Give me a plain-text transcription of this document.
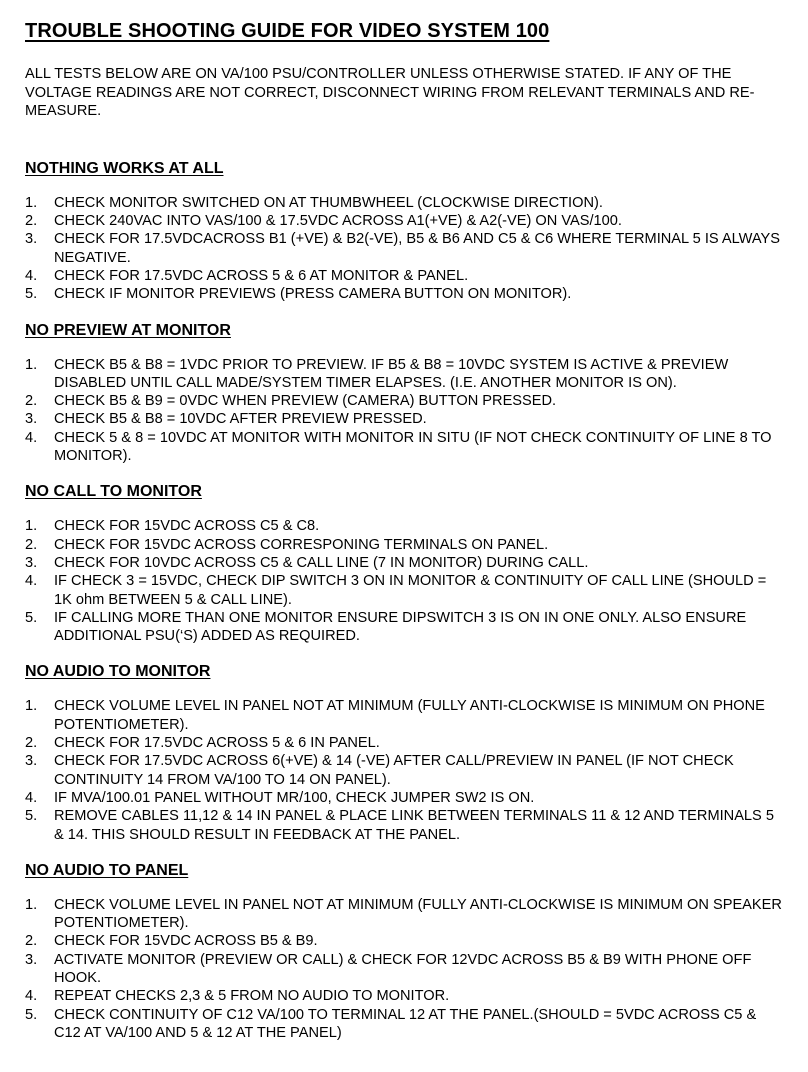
TROUBLE SHOOTING GUIDE FOR VIDEO SYSTEM 100

ALL TESTS BELOW ARE ON VA/100 PSU/CONTROLLER UNLESS OTHERWISE STATED. IF ANY OF THE VOLTAGE READINGS ARE NOT CORRECT, DISCONNECT WIRING FROM RELEVANT TERMINALS AND RE-MEASURE.

NOTHING WORKS AT ALL
1. CHECK MONITOR SWITCHED ON AT THUMBWHEEL (CLOCKWISE DIRECTION).
2. CHECK 240VAC INTO VAS/100 & 17.5VDC ACROSS A1(+VE) & A2(-VE) ON VAS/100.
3. CHECK FOR 17.5VDCACROSS B1 (+VE) & B2(-VE), B5 & B6 AND C5 & C6 WHERE TERMINAL 5 IS ALWAYS NEGATIVE.
4. CHECK FOR 17.5VDC ACROSS 5 & 6 AT MONITOR & PANEL.
5. CHECK IF MONITOR PREVIEWS (PRESS CAMERA BUTTON ON MONITOR).
NO PREVIEW AT MONITOR
1. CHECK B5 & B8 = 1VDC PRIOR TO PREVIEW. IF B5 & B8 = 10VDC SYSTEM IS ACTIVE & PREVIEW DISABLED UNTIL CALL MADE/SYSTEM TIMER ELAPSES. (I.E. ANOTHER MONITOR IS ON).
2. CHECK B5 & B9 = 0VDC WHEN PREVIEW (CAMERA) BUTTON PRESSED.
3. CHECK B5 & B8 = 10VDC AFTER PREVIEW PRESSED.
4. CHECK 5 & 8 = 10VDC AT MONITOR WITH MONITOR IN SITU (IF NOT CHECK CONTINUITY OF LINE 8 TO MONITOR).
NO CALL TO MONITOR
1. CHECK FOR 15VDC ACROSS C5 & C8.
2. CHECK FOR 15VDC ACROSS CORRESPONING TERMINALS ON PANEL.
3. CHECK FOR 10VDC ACROSS C5 & CALL LINE (7 IN MONITOR) DURING CALL.
4. IF CHECK 3 = 15VDC, CHECK DIP SWITCH 3 ON IN MONITOR & CONTINUITY OF CALL LINE (SHOULD = 1K ohm BETWEEN 5 & CALL LINE).
5. IF CALLING MORE THAN ONE MONITOR ENSURE DIPSWITCH 3 IS ON IN ONE ONLY. ALSO ENSURE ADDITIONAL PSU(‘S) ADDED AS REQUIRED.
NO AUDIO TO MONITOR
1. CHECK VOLUME LEVEL IN PANEL NOT AT MINIMUM (FULLY ANTI-CLOCKWISE IS MINIMUM ON PHONE POTENTIOMETER).
2. CHECK FOR 17.5VDC ACROSS 5 & 6 IN PANEL.
3. CHECK FOR 17.5VDC ACROSS 6(+VE) & 14 (-VE) AFTER CALL/PREVIEW IN PANEL (IF NOT CHECK CONTINUITY 14 FROM VA/100 TO 14 ON PANEL).
4. IF MVA/100.01 PANEL WITHOUT MR/100, CHECK JUMPER SW2 IS ON.
5. REMOVE CABLES 11,12 & 14 IN PANEL & PLACE LINK BETWEEN TERMINALS 11 & 12 AND TERMINALS 5 & 14. THIS SHOULD RESULT IN FEEDBACK AT THE PANEL.
NO AUDIO TO PANEL
1. CHECK VOLUME LEVEL IN PANEL NOT AT MINIMUM (FULLY ANTI-CLOCKWISE IS MINIMUM ON SPEAKER POTENTIOMETER).
2. CHECK FOR 15VDC ACROSS B5 & B9.
3. ACTIVATE MONITOR (PREVIEW OR CALL) & CHECK FOR 12VDC ACROSS B5 & B9 WITH PHONE OFF HOOK.
4. REPEAT CHECKS 2,3 & 5 FROM NO AUDIO TO MONITOR.
5. CHECK CONTINUITY OF C12 VA/100 TO TERMINAL 12 AT THE PANEL.(SHOULD = 5VDC ACROSS C5 & C12 AT VA/100 AND 5 & 12 AT THE PANEL)
